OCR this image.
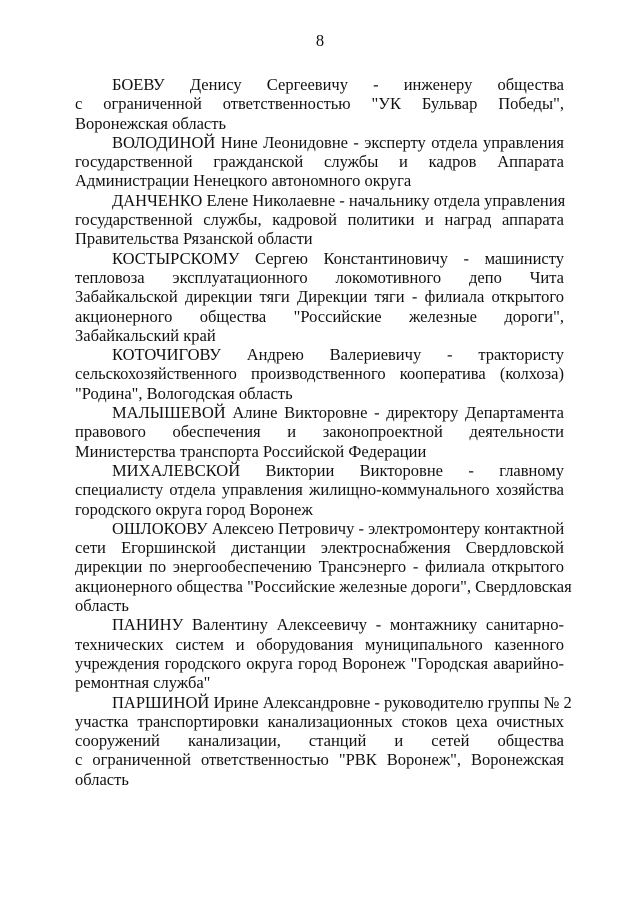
8
БОЕВУ Денису Сергеевичу - инженеру общества
с ограниченной ответственностью "УК Бульвар Победы",
Воронежская область
ВОЛОДИНОЙ Нине Леонидовне - эксперту отдела управления
государственной гражданской службы и кадров Аппарата
Администрации Ненецкого автономного округа
ДАНЧЕНКО Елене Николаевне - начальнику отдела управления
государственной службы, кадровой политики и наград аппарата
Правительства Рязанской области
КОСТЫРСКОМУ Сергею Константиновичу - машинисту
тепловоза эксплуатационного локомотивного депо Чита
Забайкальской дирекции тяги Дирекции тяги - филиала открытого
акционерного общества "Российские железные дороги",
Забайкальский край
КОТОЧИГОВУ Андрею Валериевичу - трактористу
сельскохозяйственного производственного кооператива (колхоза)
"Родина", Вологодская область
МАЛЫШЕВОЙ Алине Викторовне - директору Департамента
правового обеспечения и законопроектной деятельности
Министерства транспорта Российской Федерации
МИХАЛЕВСКОЙ Виктории Викторовне - главному
специалисту отдела управления жилищно-коммунального хозяйства
городского округа город Воронеж
ОШЛОКОВУ Алексею Петровичу - электромонтеру контактной
сети Егоршинской дистанции электроснабжения Свердловской
дирекции по энергообеспечению Трансэнерго - филиала открытого
акционерного общества "Российские железные дороги", Свердловская
область
ПАНИНУ Валентину Алексеевичу - монтажнику санитарно-
технических систем и оборудования муниципального казенного
учреждения городского округа город Воронеж "Городская аварийно-
ремонтная служба"
ПАРШИНОЙ Ирине Александровне - руководителю группы № 2
участка транспортировки канализационных стоков цеха очистных
сооружений канализации, станций и сетей общества
с ограниченной ответственностью "РВК Воронеж", Воронежская
область
